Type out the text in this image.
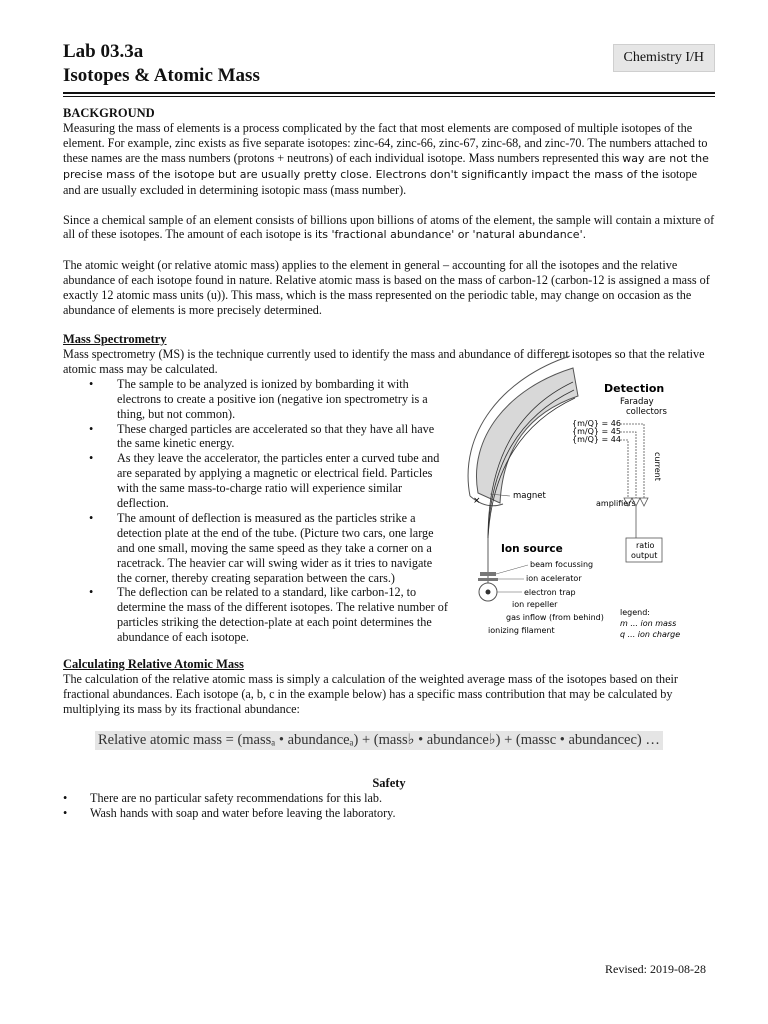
Lab 03.3a
Isotopes & Atomic Mass
Chemistry I/H
BACKGROUND

Measuring the mass of elements is a process complicated by the fact that most elements are composed of multiple isotopes of the element. For example, zinc exists as five separate isotopes: zinc-64, zinc-66, zinc-67, zinc-68, and zinc-70. The numbers attached to these names are the mass numbers (protons + neutrons) of each individual isotope. Mass numbers represented this way are not the precise mass of the isotope but are usually pretty close. Electrons don't significantly impact the mass of the isotope and are usually excluded in determining isotopic mass (mass number).

Since a chemical sample of an element consists of billions upon billions of atoms of the element, the sample will contain a mixture of all of these isotopes. The amount of each isotope is its 'fractional abundance' or 'natural abundance'.

The atomic weight (or relative atomic mass) applies to the element in general – accounting for all the isotopes and the relative abundance of each isotope found in nature. Relative atomic mass is based on the mass of carbon-12 (carbon-12 is assigned a mass of exactly 12 atomic mass units (u)). This mass, which is the mass represented on the periodic table, may change on occasion as the abundance of elements is more precisely determined.

Mass Spectrometry

Mass spectrometry (MS) is the technique currently used to identify the mass and abundance of different isotopes so that the relative atomic mass may be calculated.

• The sample to be analyzed is ionized by bombarding it with electrons to create a positive ion (negative ion spectrometry is a thing, but not common).
• These charged particles are accelerated so that they have all have the same kinetic energy.
• As they leave the accelerator, the particles enter a curved tube and are separated by applying a magnetic or electrical field. Particles with the same mass-to-charge ratio will experience similar deflection.
• The amount of deflection is measured as the particles strike a detection plate at the end of the tube. (Picture two cars, one large and one small, moving the same speed as they take a corner on a racetrack. The heavier car will swing wider as it tries to navigate the corner, thereby creating separation between the cars.)
• The deflection can be related to a standard, like carbon-12, to determine the mass of the different isotopes. The relative number of particles striking the detection-plate at each point determines the abundance of each isotope.
Calculating Relative Atomic Mass

The calculation of the relative atomic mass is simply a calculation of the weighted average mass of the isotopes based on their fractional abundances. Each isotope (a, b, c in the example below) has a specific mass contribution that may be calculated by multiplying its mass by its fractional abundance:

Relative atomic mass = (massₐ • abundanceₐ) + (mass♭ • abundance♭) + (massc • abundancec) …
Safety
• There are no particular safety recommendations for this lab.
• Wash hands with soap and water before leaving the laboratory.
×
Detection
Faraday
collectors
{m/Q} = 46
{m/Q} = 45
{m/Q} = 44
current
amplifiers
ratio
output
magnet
Ion source
beam focussing
ion acelerator
electron trap
ion repeller
gas inflow (from behind)
ionizing filament
legend:
m ... ion mass
q ... ion charge
Revised: 2019-08-28
